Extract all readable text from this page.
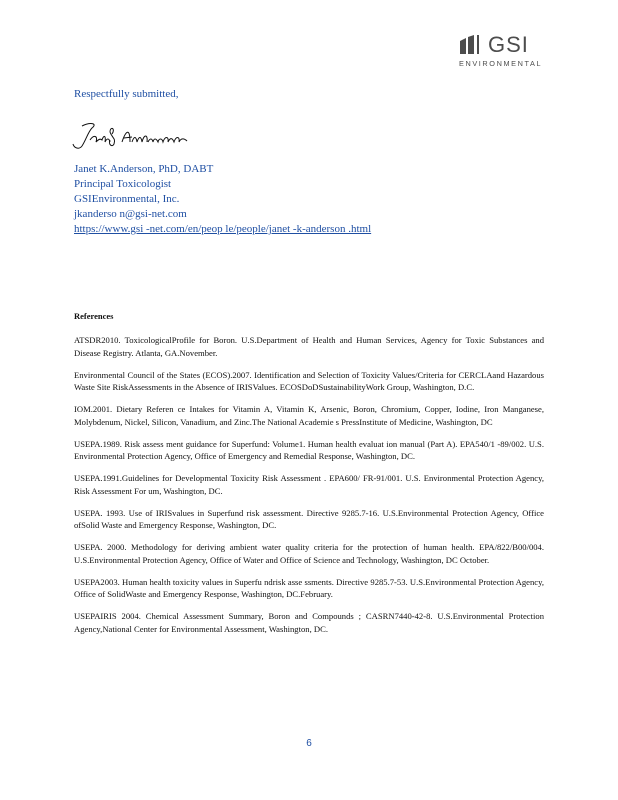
GSI
ENVIRONMENTAL
Respectfully submitted,
Janet K.Anderson, PhD, DABT
Principal Toxicologist
GSIEnvironmental, Inc.
jkanderso n@gsi-net.com
https://www.gsi -net.com/en/peop le/people/janet -k-anderson .html
References

ATSDR2010. ToxicologicalProfile for Boron. U.S.Department of Health and Human Services, Agency for Toxic Substances and Disease Registry. Atlanta, GA.November.

Environmental Council of the States (ECOS).2007. Identification and Selection of Toxicity Values/Criteria for CERCLAand Hazardous Waste Site RiskAssessments in the Absence of IRISValues. ECOSDoDSustainabilityWork Group, Washington, D.C.

IOM.2001. Dietary Referen ce Intakes for Vitamin A, Vitamin K, Arsenic, Boron, Chromium, Copper, Iodine, Iron Manganese, Molybdenum, Nickel, Silicon, Vanadium, and Zinc.The National Academie s PressInstitute of Medicine, Washington, DC

USEPA.1989. Risk assess ment guidance for Superfund: Volume1. Human health evaluat ion manual (Part A). EPA540/1 -89/002. U.S. Environmental Protection Agency, Office of Emergency and Remedial Response, Washington, DC.

USEPA.1991.Guidelines for Developmental Toxicity Risk Assessment . EPA600/ FR-91/001. U.S. Environmental Protection Agency, Risk Assessment For um, Washington, DC.

USEPA. 1993. Use of IRISvalues in Superfund risk assessment. Directive 9285.7-16. U.S.Environmental Protection Agency, Office ofSolid Waste and Emergency Response, Washington, DC.

USEPA. 2000. Methodology for deriving ambient water quality criteria for the protection of human health. EPA/822/B00/004. U.S.Environmental Protection Agency, Office of Water and Office of Science and Technology, Washington, DC October.

USEPA2003. Human health toxicity values in Superfu ndrisk asse ssments. Directive 9285.7-53. U.S.Environmental Protection Agency, Office of SolidWaste and Emergency Response, Washington, DC.February.

USEPAIRIS 2004. Chemical Assessment Summary, Boron and Compounds ; CASRN7440-42-8. U.S.Environmental Protection Agency,National Center for Environmental Assessment, Washington, DC.

6
